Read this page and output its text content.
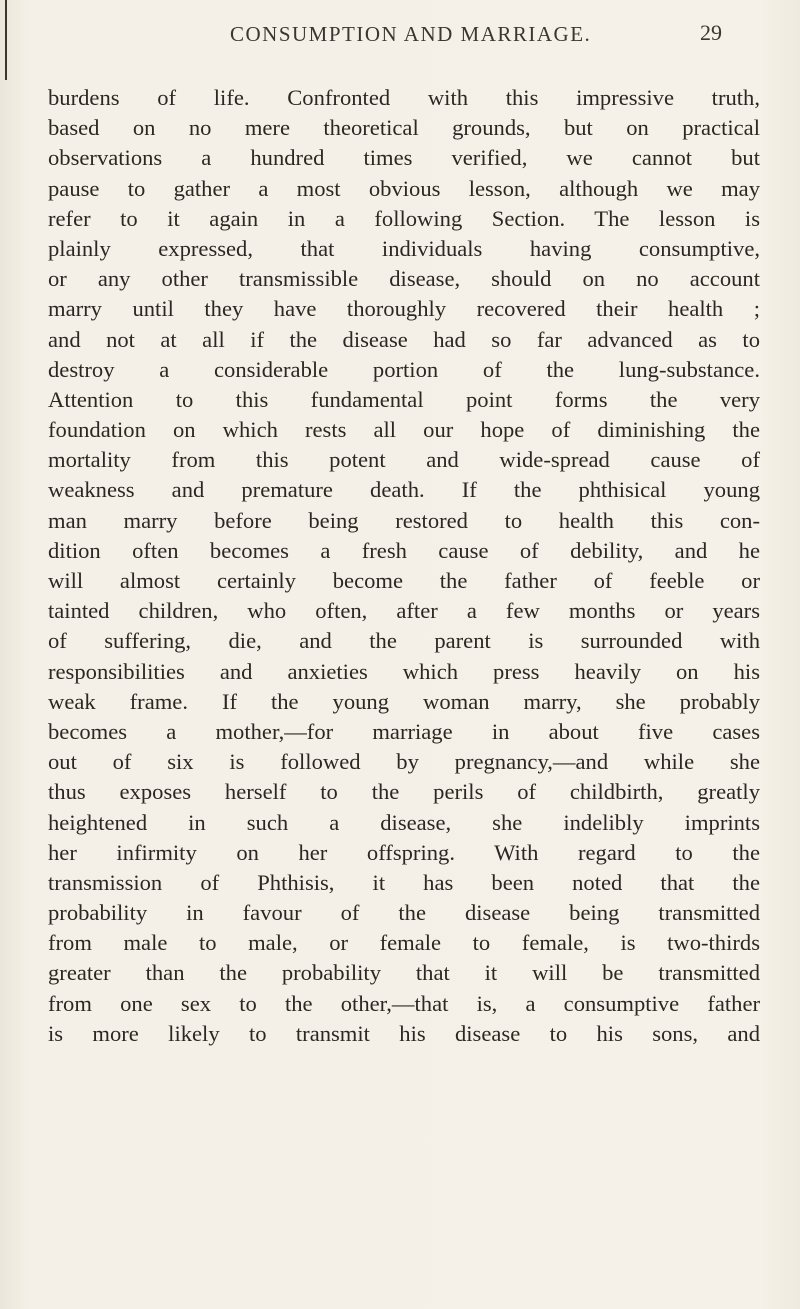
CONSUMPTION AND MARRIAGE.	29
burdens of life. Confronted with this impressive truth,
based on no mere theoretical grounds, but on practical
observations a hundred times verified, we cannot but
pause to gather a most obvious lesson, although we may
refer to it again in a following Section. The lesson is
plainly expressed, that individuals having consumptive,
or any other transmissible disease, should on no account
marry until they have thoroughly recovered their health ;
and not at all if the disease had so far advanced as to
destroy a considerable portion of the lung-substance.
Attention to this fundamental point forms the very
foundation on which rests all our hope of diminishing the
mortality from this potent and wide-spread cause of
weakness and premature death. If the phthisical young
man marry before being restored to health this con-
dition often becomes a fresh cause of debility, and he
will almost certainly become the father of feeble or
tainted children, who often, after a few months or years
of suffering, die, and the parent is surrounded with
responsibilities and anxieties which press heavily on his
weak frame. If the young woman marry, she probably
becomes a mother,—for marriage in about five cases
out of six is followed by pregnancy,—and while she
thus exposes herself to the perils of childbirth, greatly
heightened in such a disease, she indelibly imprints
her infirmity on her offspring. With regard to the
transmission of Phthisis, it has been noted that the
probability in favour of the disease being transmitted
from male to male, or female to female, is two-thirds
greater than the probability that it will be transmitted
from one sex to the other,—that is, a consumptive father
is more likely to transmit his disease to his sons, and
